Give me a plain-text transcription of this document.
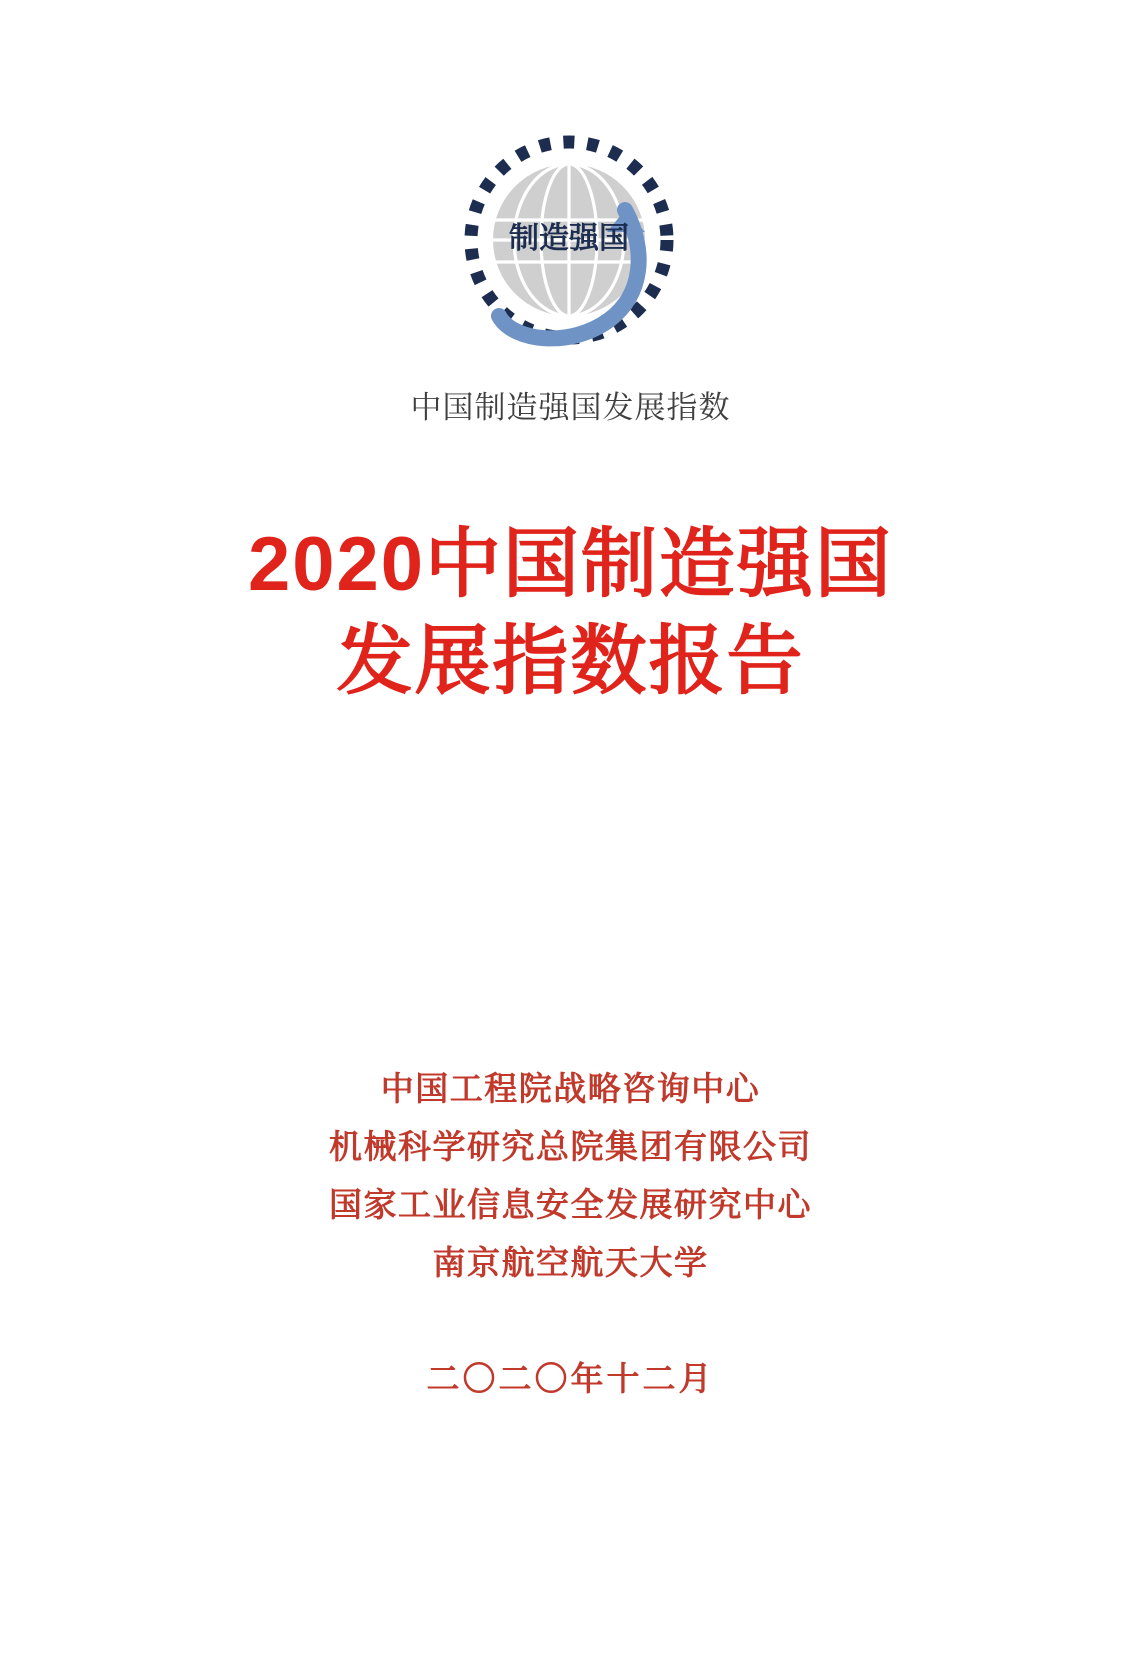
制造强国
中国制造强国发展指数
2020中国制造强国
发展指数报告
中国工程院战略咨询中心
机械科学研究总院集团有限公司
国家工业信息安全发展研究中心
南京航空航天大学
二〇二〇年十二月
